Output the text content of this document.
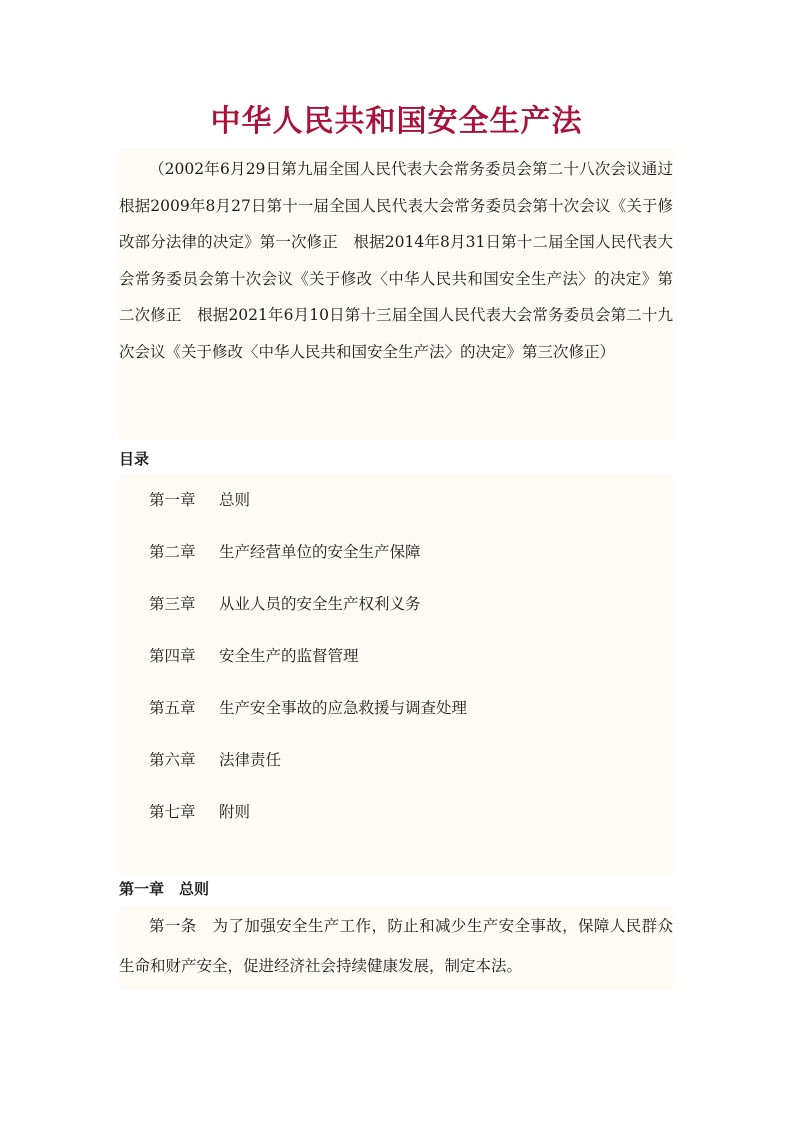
中华人民共和国安全生产法

（2002年6月29日第九届全国人民代表大会常务委员会第二十八次会议通过　根据2009年8月27日第十一届全国人民代表大会常务委员会第十次会议《关于修改部分法律的决定》第一次修正　根据2014年8月31日第十二届全国人民代表大会常务委员会第十次会议《关于修改〈中华人民共和国安全生产法〉的决定》第二次修正　根据2021年6月10日第十三届全国人民代表大会常务委员会第二十九次会议《关于修改〈中华人民共和国安全生产法〉的决定》第三次修正）

目录
第一章 总则
第二章 生产经营单位的安全生产保障
第三章 从业人员的安全生产权利义务
第四章 安全生产的监督管理
第五章 生产安全事故的应急救援与调查处理
第六章 法律责任
第七章 附则
第一章　总则

第一条　为了加强安全生产工作，防止和减少生产安全事故，保障人民群众生命和财产安全，促进经济社会持续健康发展，制定本法。
